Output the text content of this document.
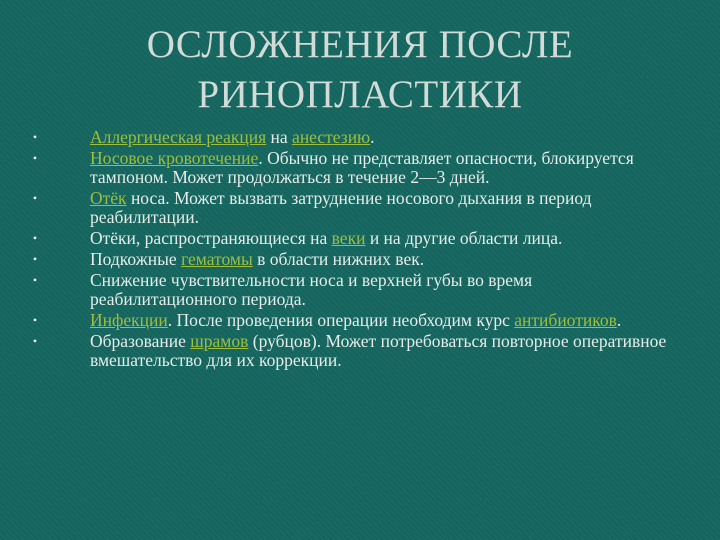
ОСЛОЖНЕНИЯ ПОСЛЕ
РИНОПЛАСТИКИ
•	Аллергическая реакция на анестезию.
•	Носовое кровотечение. Обычно не представляет опасности, блокируется тампоном. Может продолжаться в течение 2—3 дней.
•	Отёк носа. Может вызвать затруднение носового дыхания в период реабилитации.
•	Отёки, распространяющиеся на веки и на другие области лица.
•	Подкожные гематомы в области нижних век.
•	Снижение чувствительности носа и верхней губы во время реабилитационного периода.
•	Инфекции. После проведения операции необходим курс антибиотиков.
•	Образование шрамов (рубцов). Может потребоваться повторное оперативное вмешательство для их коррекции.
